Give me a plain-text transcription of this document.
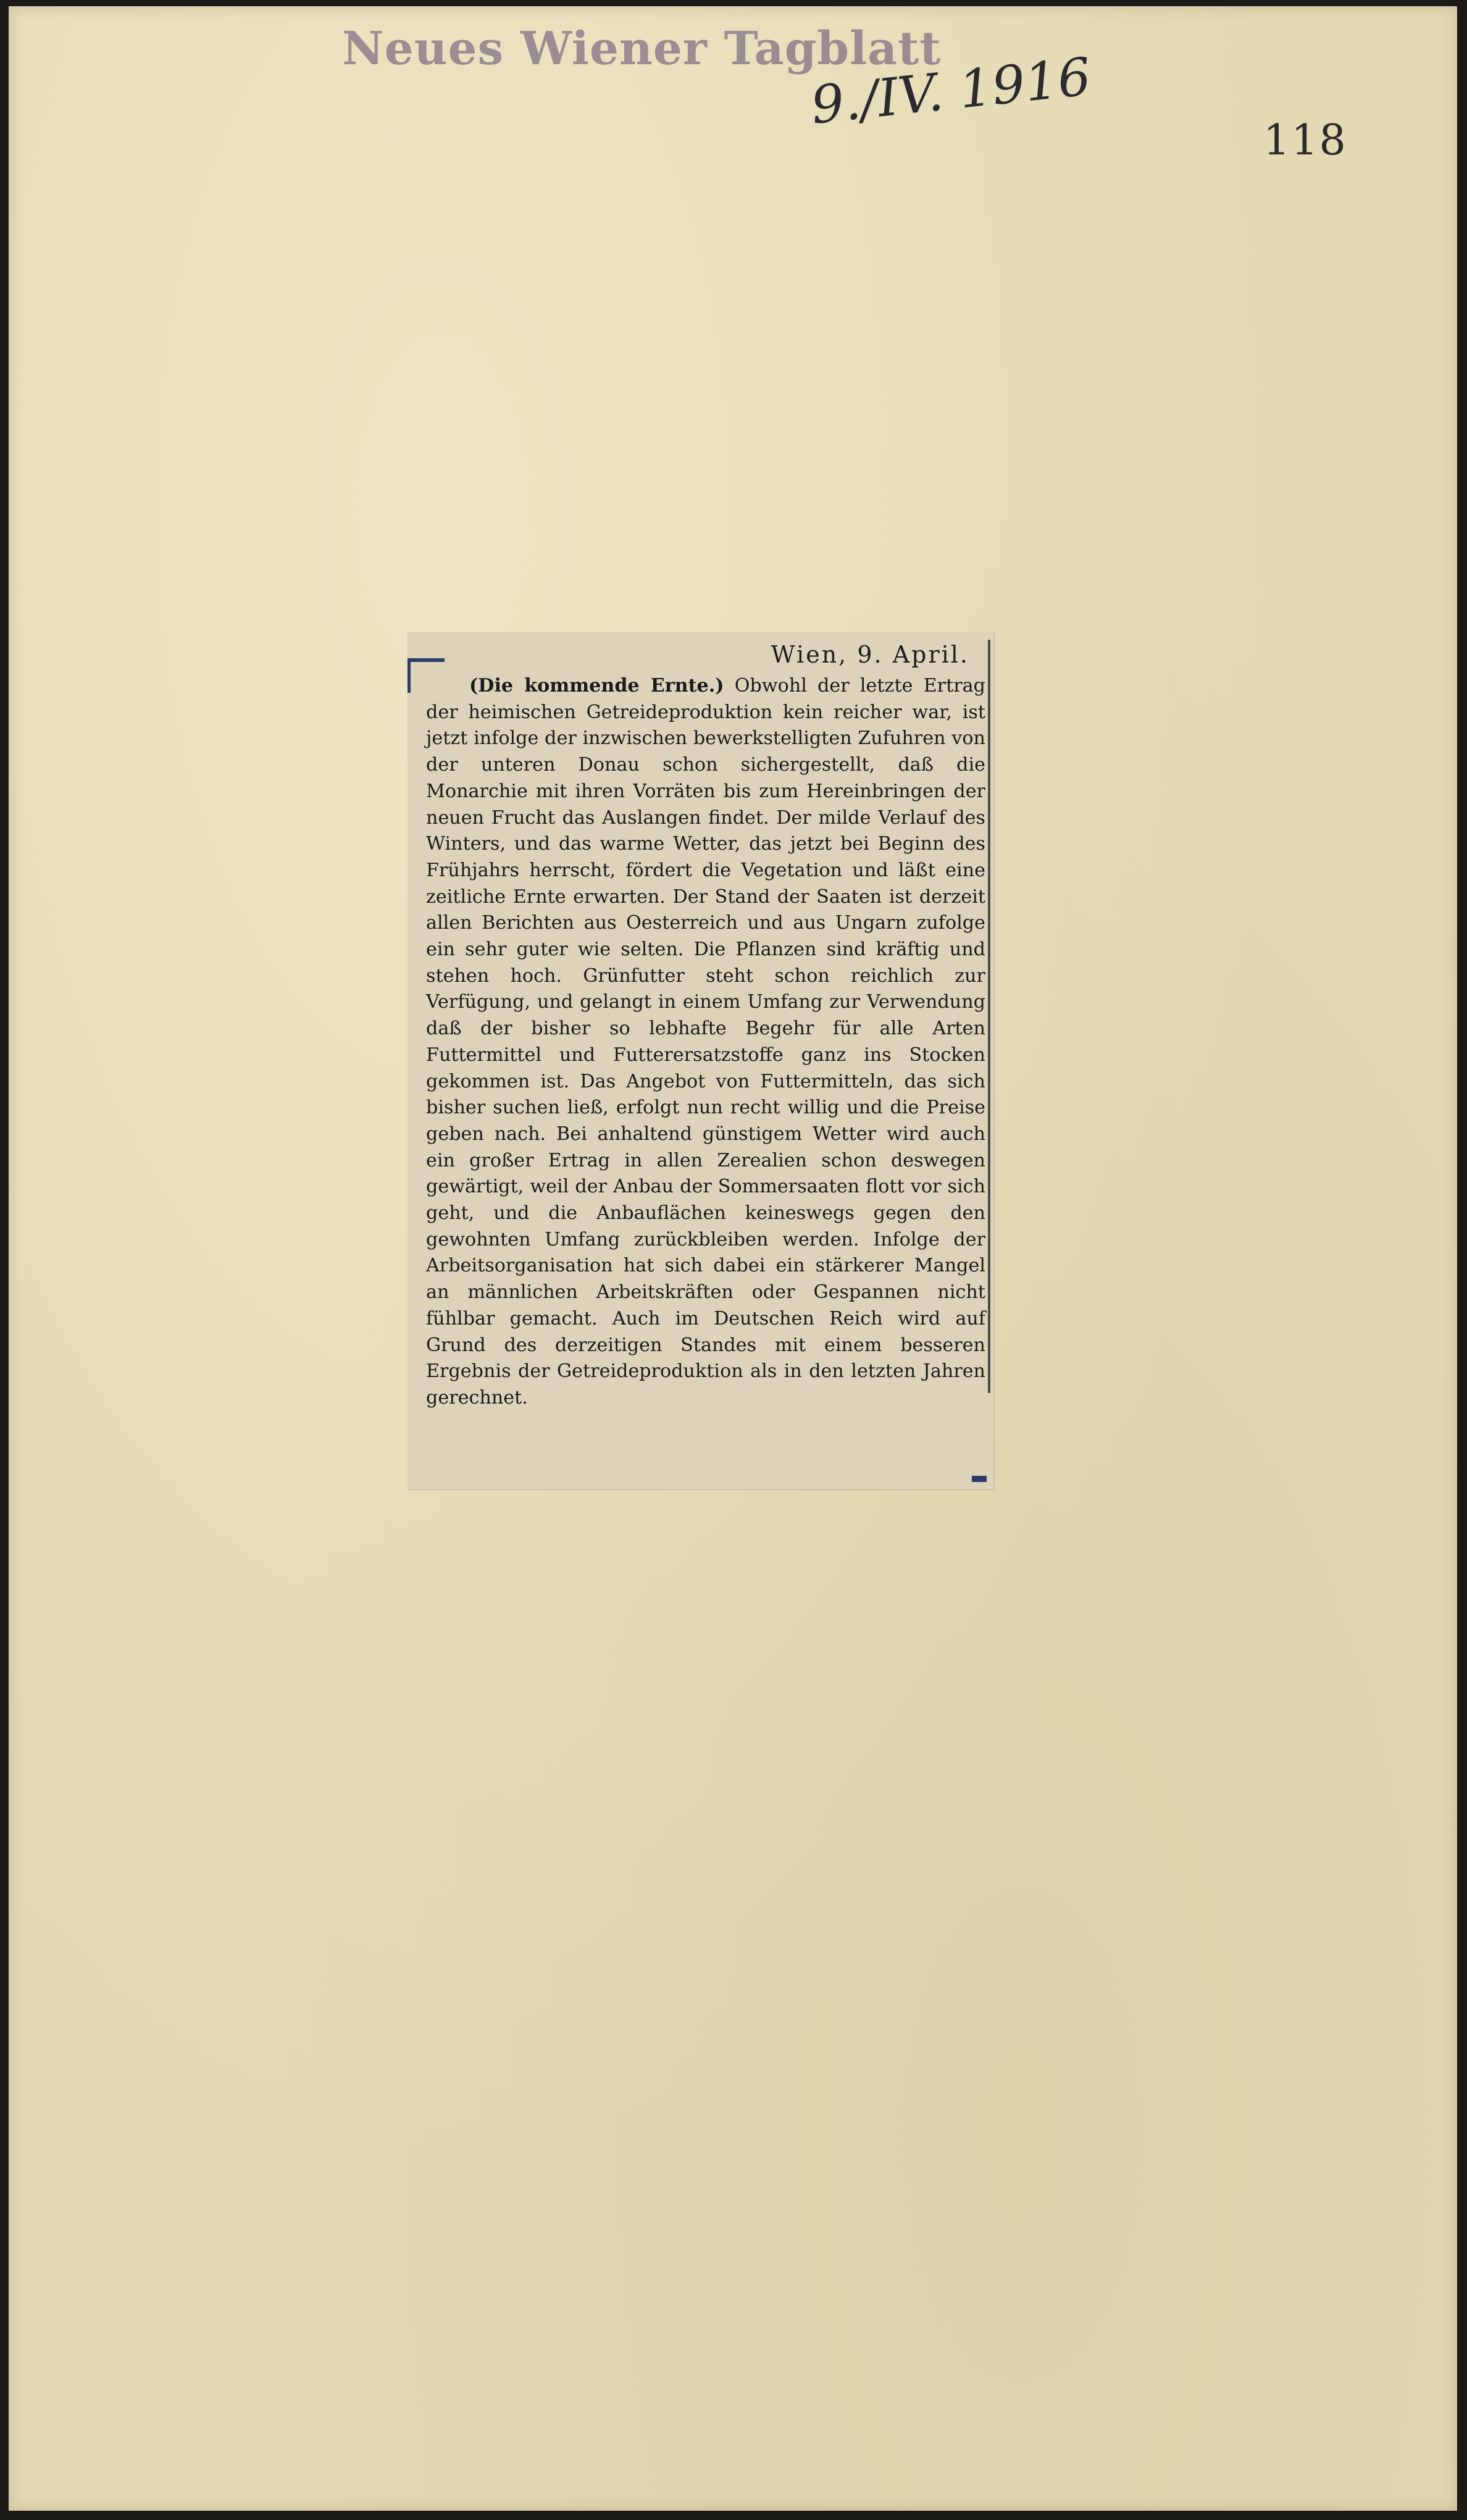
Neues Wiener Tagblatt
9./IV. 1916
118
Wien, 9. April.
(Die kommende Ernte.) Obwohl der letzte Ertrag der heimischen Getreideproduktion kein reicher war, ist jetzt infolge der inzwischen bewerkstelligten Zufuhren von der unteren Donau schon sichergestellt, daß die Monarchie mit ihren Vorräten bis zum Hereinbringen der neuen Frucht das Auslangen findet. Der milde Verlauf des Winters, und das warme Wetter, das jetzt bei Beginn des Frühjahrs herrscht, fördert die Vegetation und läßt eine zeitliche Ernte erwarten. Der Stand der Saaten ist derzeit allen Berichten aus Oesterreich und aus Ungarn zufolge ein sehr guter wie selten. Die Pflanzen sind kräftig und stehen hoch. Grünfutter steht schon reichlich zur Verfügung, und gelangt in einem Umfang zur Verwendung daß der bisher so lebhafte Begehr für alle Arten Futtermittel und Futterersatzstoffe ganz ins Stocken gekommen ist. Das Angebot von Futtermitteln, das sich bisher suchen ließ, erfolgt nun recht willig und die Preise geben nach. Bei anhaltend günstigem Wetter wird auch ein großer Ertrag in allen Zerealien schon deswegen gewärtigt, weil der Anbau der Sommersaaten flott vor sich geht, und die Anbauflächen keineswegs gegen den gewohnten Umfang zurückbleiben werden. Infolge der Arbeitsorganisation hat sich dabei ein stärkerer Mangel an männlichen Arbeitskräften oder Gespannen nicht fühlbar gemacht. Auch im Deutschen Reich wird auf Grund des derzeitigen Standes mit einem besseren Ergebnis der Getreideproduktion als in den letzten Jahren gerechnet.
